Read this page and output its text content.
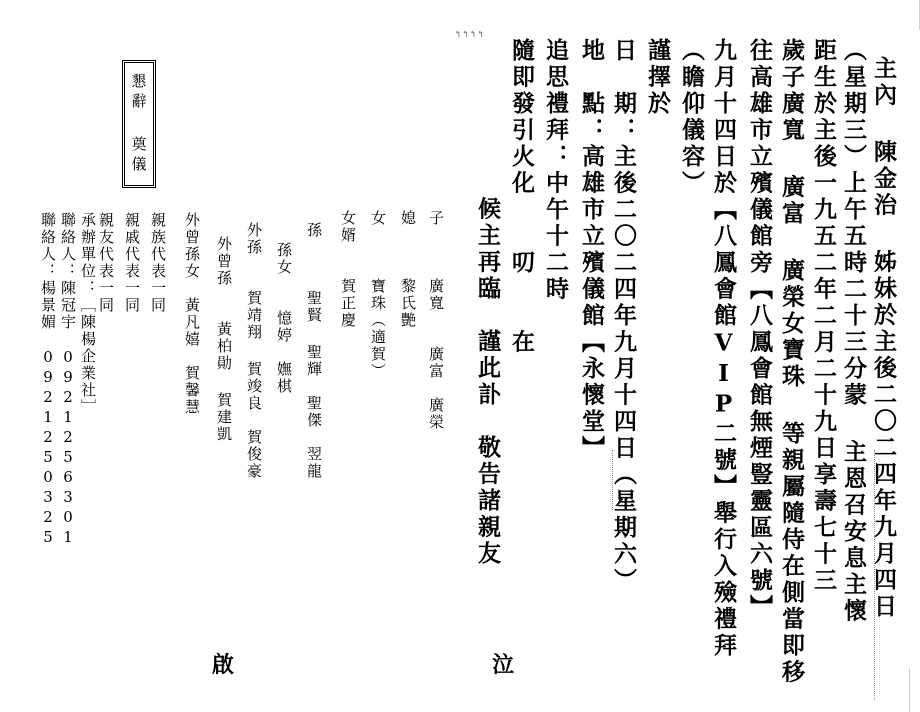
主內 陳金治 姊妹於主後二〇二四年九月四日
（星期三）上午五時二十三分蒙 主恩召安息主懷
距生於主後一九五二年二月二十九日享壽七十三
歲子廣寬 廣富 廣榮女寶珠 等親屬隨侍在側當即移
往高雄市立殯儀館旁【八鳳會館無煙豎靈區六號】
九月十四日於【八鳳會館VIP二號】舉行入殮禮拜
（瞻仰儀容）
謹擇於
日　期：主後二〇二四年九月十四日（星期六）
地　點：高雄市立殯儀館【永懷堂】
追思禮拜：中午十二時
隨即發引火化　　叨　　在
　候主再臨　謹此訃　敬告諸親友
子　　　廣寬　　廣富　廣榮
媳　　　黎氏艷
女　　　寶珠（適賀）
女婿　　賀正慶
孫　　　聖賢 聖輝　聖傑　翌龍
孫女　　憶婷　嫵棋
外孫　　賀靖翔 賀竣良　賀俊豪
外曾孫　　黃柏勛 賀建凱
外曾孫女　黃凡嬉　賀馨慧
親族代表一同
親戚代表一同
親友代表一同
承辦單位：［陳楊企業社］
聯絡人：陳冠宇　0921256301
聯絡人：楊景媚　0921250325
懇辭 奠儀
↰↰↰↰
啟	泣
